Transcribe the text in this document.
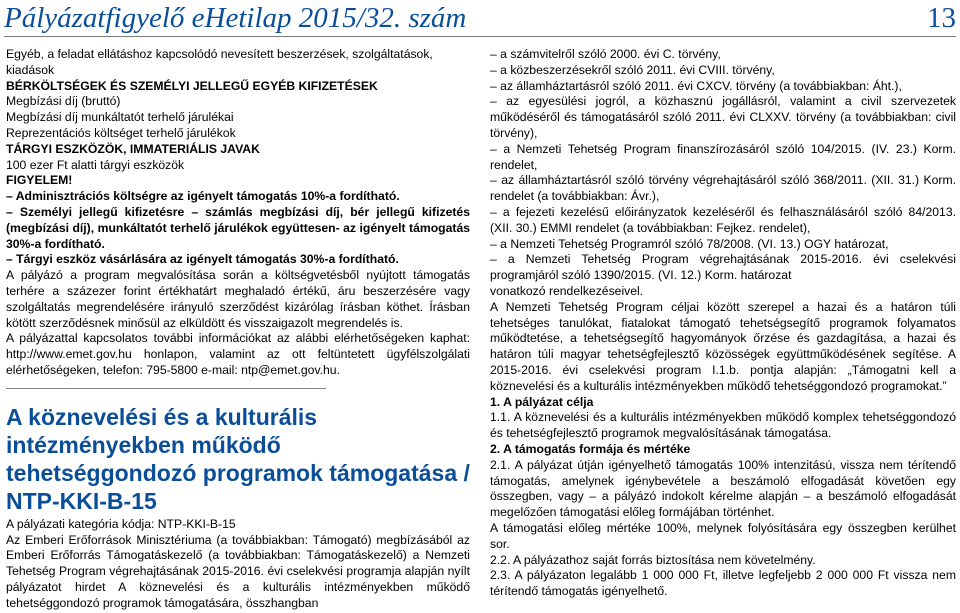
Pályázatfigyelő eHetilap 2015/32. szám	13

Egyéb, a feladat ellátáshoz kapcsolódó nevesített beszerzések, szolgáltatások, kiadások

BÉRKÖLTSÉGEK ÉS SZEMÉLYI JELLEGŰ EGYÉB KIFIZETÉSEK

Megbízási díj (bruttó)

Megbízási díj munkáltatót terhelő járulékai

Reprezentációs költséget terhelő járulékok

TÁRGYI ESZKÖZÖK, IMMATERIÁLIS JAVAK

100 ezer Ft alatti tárgyi eszközök

FIGYELEM!

– Adminisztrációs költségre az igényelt támogatás 10%-a fordítható.

– Személyi jellegű kifizetésre – számlás megbízási díj, bér jellegű kifizetés (megbízási díj), munkáltatót terhelő járulékok együttesen- az igényelt támogatás 30%-a fordítható.

– Tárgyi eszköz vásárlására az igényelt támogatás 30%-a fordítható.

A pályázó a program megvalósítása során a költségvetésből nyújtott támogatás terhére a százezer forint értékhatárt meghaladó értékű, áru beszerzésére vagy szolgáltatás megrendelésére irányuló szerződést kizárólag írásban köthet. Írásban kötött szerződésnek minősül az elküldött és visszaigazolt megrendelés is.

A pályázattal kapcsolatos további információkat az alábbi elérhetőségeken kaphat: http://www.emet.gov.hu honlapon, valamint az ott feltüntetett ügyfélszolgálati elérhetőségeken, telefon: 795-5800 e-mail: ntp@emet.gov.hu.

A köznevelési és a kulturális intézményekben működő tehetséggondozó programok támogatása / NTP-KKI-B-15

A pályázati kategória kódja: NTP-KKI-B-15

Az Emberi Erőforrások Minisztériuma (a továbbiakban: Támogató) megbízásából az Emberi Erőforrás Támogatáskezelő (a továbbiakban: Támogatáskezelő) a Nemzeti Tehetség Program végrehajtásának 2015-2016. évi cselekvési programja alapján nyílt pályázatot hirdet A köznevelési és a kulturális intézményekben működő tehetséggondozó programok támogatására, összhangban

– a számvitelről szóló 2000. évi C. törvény,

– a közbeszerzésekről szóló 2011. évi CVIII. törvény,

– az államháztartásról szóló 2011. évi CXCV. törvény (a továbbiakban: Áht.),

– az egyesülési jogról, a közhasznú jogállásról, valamint a civil szervezetek működéséről és támogatásáról szóló 2011. évi CLXXV. törvény (a továbbiakban: civil törvény),

– a Nemzeti Tehetség Program finanszírozásáról szóló 104/2015. (IV. 23.) Korm. rendelet,

– az államháztartásról szóló törvény végrehajtásáról szóló 368/2011. (XII. 31.) Korm. rendelet (a továbbiakban: Ávr.),

– a fejezeti kezelésű előirányzatok kezeléséről és felhasználásáról szóló 84/2013. (XII. 30.) EMMI rendelet (a továbbiakban: Fejkez. rendelet),

– a Nemzeti Tehetség Programról szóló 78/2008. (VI. 13.) OGY határozat,

– a Nemzeti Tehetség Program végrehajtásának 2015-2016. évi cselekvési programjáról szóló 1390/2015. (VI. 12.) Korm. határozat

vonatkozó rendelkezéseivel.

A Nemzeti Tehetség Program céljai között szerepel a hazai és a határon túli tehetséges tanulókat, fiatalokat támogató tehetségsegítő programok folyamatos működtetése, a tehetségsegítő hagyományok őrzése és gazdagítása, a hazai és határon túli magyar tehetségfejlesztő közösségek együttműködésének segítése. A 2015-2016. évi cselekvési program I.1.b. pontja alapján: „Támogatni kell a köznevelési és a kulturális intézményekben működő tehetséggondozó programokat.”

1. A pályázat célja

1.1. A köznevelési és a kulturális intézményekben működő komplex tehetséggondozó és tehetségfejlesztő programok megvalósításának támogatása.

2. A támogatás formája és mértéke

2.1. A pályázat útján igényelhető támogatás 100% intenzitású, vissza nem térítendő támogatás, amelynek igénybevétele a beszámoló elfogadását követően egy összegben, vagy – a pályázó indokolt kérelme alapján – a beszámoló elfogadását megelőzően támogatási előleg formájában történhet.

A támogatási előleg mértéke 100%, melynek folyósítására egy összegben kerülhet sor.

2.2. A pályázathoz saját forrás biztosítása nem követelmény.

2.3. A pályázaton legalább 1 000 000 Ft, illetve legfeljebb 2 000 000 Ft vissza nem térítendő támogatás igényelhető.
